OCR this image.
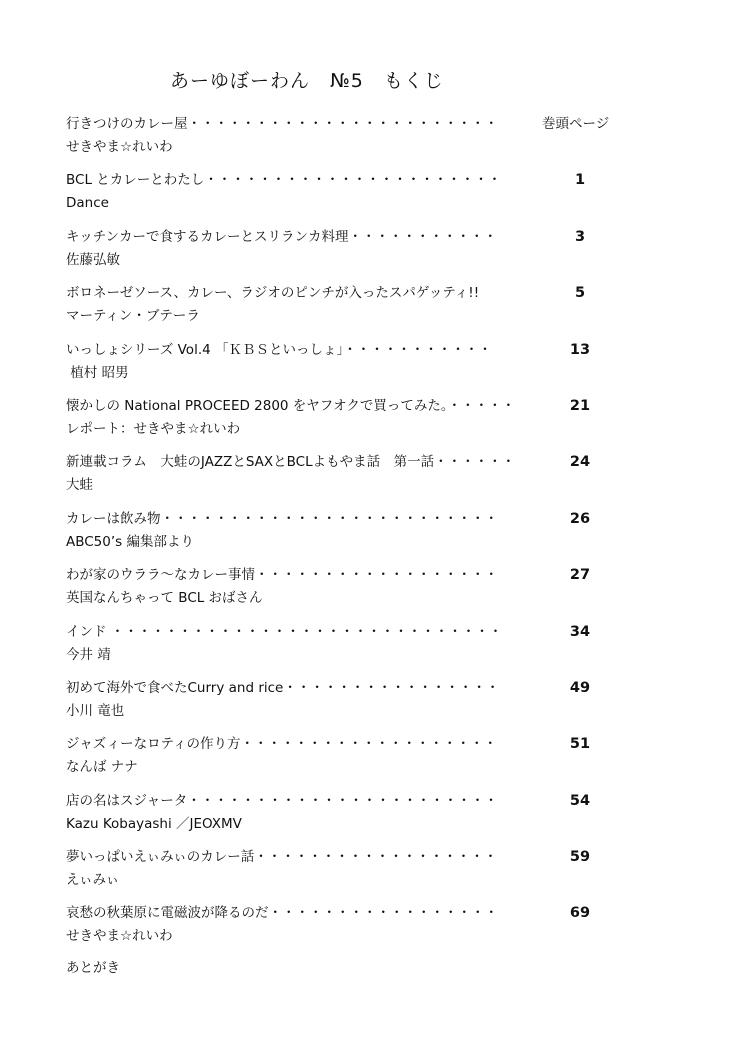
あーゆぼーわん　№5　もくじ
行きつけのカレー屋・・・・・・・・・・・・・・・・・・・・・・・	巻頭ページ
せきやま☆れいわ
BCL とカレーとわたし・・・・・・・・・・・・・・・・・・・・・・	1
Dance
キッチンカーで食するカレーとスリランカ料理・・・・・・・・・・・	3
佐藤弘敏
ボロネーゼソース、カレー、ラジオのピンチが入ったスパゲッティ!!	5
マーティン・ブテーラ
いっしょシリーズ Vol.4 「ＫＢＳといっしょ」・・・・・・・・・・・	13
植村 昭男
懐かしの National PROCEED 2800 をヤフオクで買ってみた。・・・・・	21
レポート：せきやま☆れいわ
新連載コラム　大蛙のJAZZとSAXとBCLよもやま話　第一話・・・・・・	24
大蛙
カレーは飲み物・・・・・・・・・・・・・・・・・・・・・・・・・	26
ABC50’s 編集部より
わが家のウララ～なカレー事情・・・・・・・・・・・・・・・・・・	27
英国なんちゃって BCL おばさん
インド ・・・・・・・・・・・・・・・・・・・・・・・・・・・・・	34
今井 靖
初めて海外で食べたCurry and rice・・・・・・・・・・・・・・・・	49
小川 竜也
ジャズィーなロティの作り方・・・・・・・・・・・・・・・・・・・	51
なんば ナナ
店の名はスジャータ・・・・・・・・・・・・・・・・・・・・・・・	54
Kazu Kobayashi ／JEOXMV
夢いっぱいえぃみぃのカレー話・・・・・・・・・・・・・・・・・・	59
えぃみぃ
哀愁の秋葉原に電磁波が降るのだ・・・・・・・・・・・・・・・・・	69
せきやま☆れいわ
あとがき
